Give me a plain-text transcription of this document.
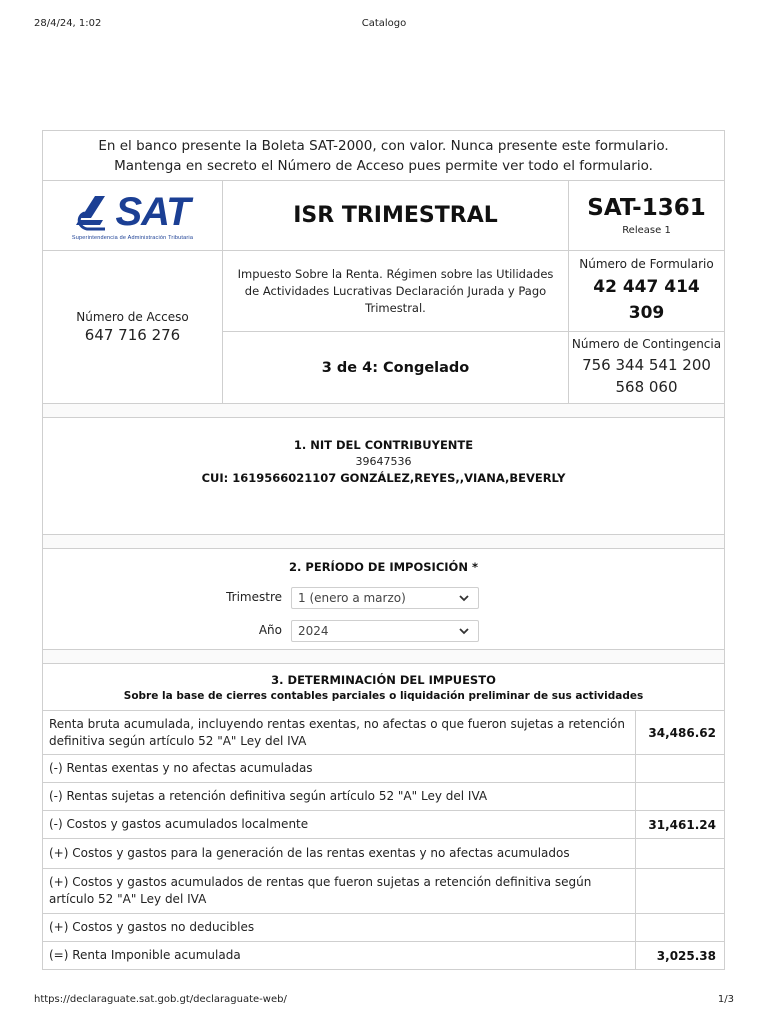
28/4/24, 1:02	Catalogo
En el banco presente la Boleta SAT-2000, con valor. Nunca presente este formulario.
Mantenga en secreto el Número de Acceso pues permite ver todo el formulario.
SAT
Superintendencia de Administración Tributaria
ISR TRIMESTRAL	SAT-1361
Release 1
Número de Acceso
647 716 276
Impuesto Sobre la Renta. Régimen sobre las Utilidades de Actividades Lucrativas Declaración Jurada y Pago Trimestral.
Número de Formulario
42 447 414
309
3 de 4: Congelado
Número de Contingencia
756 344 541 200
568 060
1. NIT DEL CONTRIBUYENTE
39647536
CUI: 1619566021107 GONZÁLEZ,REYES,,VIANA,BEVERLY
2. PERÍODO DE IMPOSICIÓN *
Trimestre	1 (enero a marzo)
Año	2024
3. DETERMINACIÓN DEL IMPUESTO
Sobre la base de cierres contables parciales o liquidación preliminar de sus actividades
Renta bruta acumulada, incluyendo rentas exentas, no afectas o que fueron sujetas a retención definitiva según artículo 52 "A" Ley del IVA
34,486.62
(-) Rentas exentas y no afectas acumuladas
(-) Rentas sujetas a retención definitiva según artículo 52 "A" Ley del IVA
(-) Costos y gastos acumulados localmente	31,461.24
(+) Costos y gastos para la generación de las rentas exentas y no afectas acumulados
(+) Costos y gastos acumulados de rentas que fueron sujetas a retención definitiva según artículo 52 "A" Ley del IVA
(+) Costos y gastos no deducibles
(=) Renta Imponible acumulada	3,025.38
https://declaraguate.sat.gob.gt/declaraguate-web/	1/3
